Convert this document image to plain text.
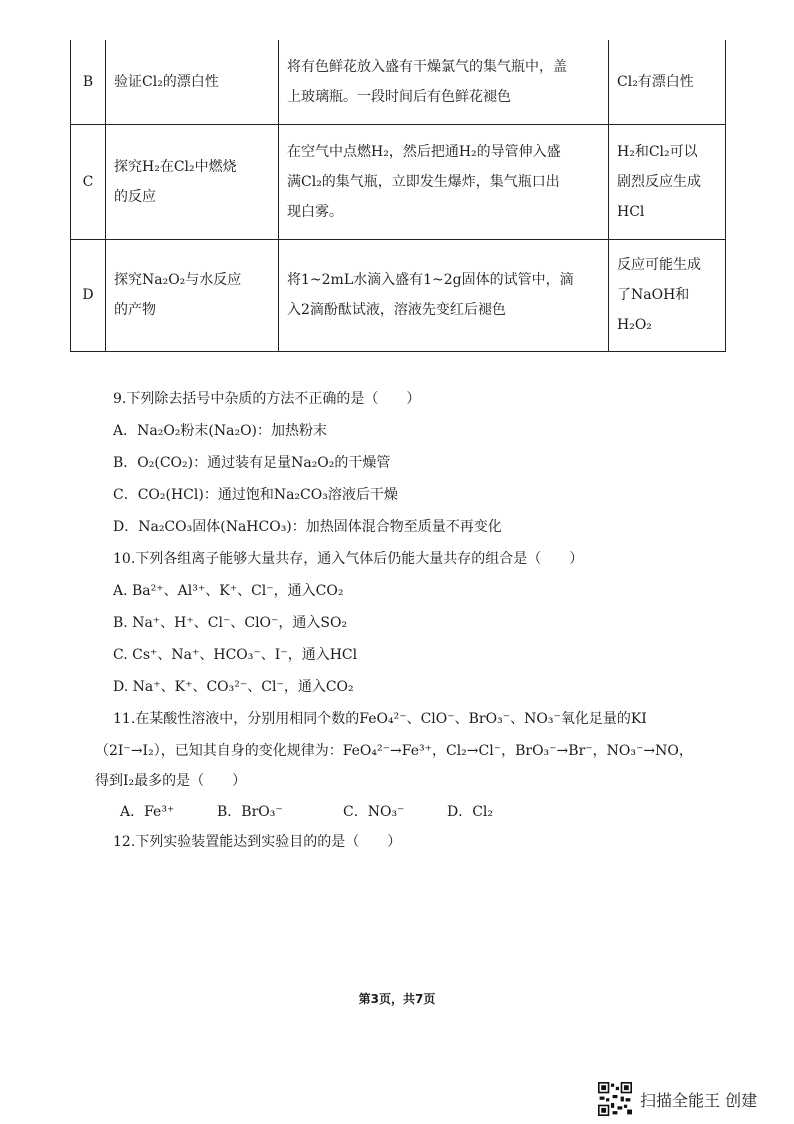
B	验证Cl₂的漂白性	将有色鲜花放入盛有干燥氯气的集气瓶中，盖
上玻璃瓶。一段时间后有色鲜花褪色	Cl₂有漂白性
C	探究H₂在Cl₂中燃烧
的反应	在空气中点燃H₂，然后把通H₂的导管伸入盛
满Cl₂的集气瓶，立即发生爆炸，集气瓶口出
现白雾。	H₂和Cl₂可以
剧烈反应生成
HCl
D	探究Na₂O₂与水反应
的产物	将1~2mL水滴入盛有1~2g固体的试管中，滴
入2滴酚酞试液，溶液先变红后褪色	反应可能生成
了NaOH和
H₂O₂
9.下列除去括号中杂质的方法不正确的是（　　）
A．Na₂O₂粉末(Na₂O)：加热粉末
B．O₂(CO₂)：通过装有足量Na₂O₂的干燥管
C．CO₂(HCl)：通过饱和Na₂CO₃溶液后干燥
D．Na₂CO₃固体(NaHCO₃)：加热固体混合物至质量不再变化
10.下列各组离子能够大量共存，通入气体后仍能大量共存的组合是（　　）
A. Ba²⁺、Al³⁺、K⁺、Cl⁻，通入CO₂
B. Na⁺、H⁺、Cl⁻、ClO⁻，通入SO₂
C. Cs⁺、Na⁺、HCO₃⁻、I⁻，通入HCl
D. Na⁺、K⁺、CO₃²⁻、Cl⁻，通入CO₂
11.在某酸性溶液中，分别用相同个数的FeO₄²⁻、ClO⁻、BrO₃⁻、NO₃⁻氧化足量的KI
（2I⁻→I₂），已知其自身的变化规律为：FeO₄²⁻→Fe³⁺，Cl₂→Cl⁻，BrO₃⁻→Br⁻，NO₃⁻→NO，
得到I₂最多的是（　　）
A．Fe³⁺	B．BrO₃⁻	C．NO₃⁻	D．Cl₂
12.下列实验装置能达到实验目的的是（　　）
第3页，共7页
扫描全能王 创建
